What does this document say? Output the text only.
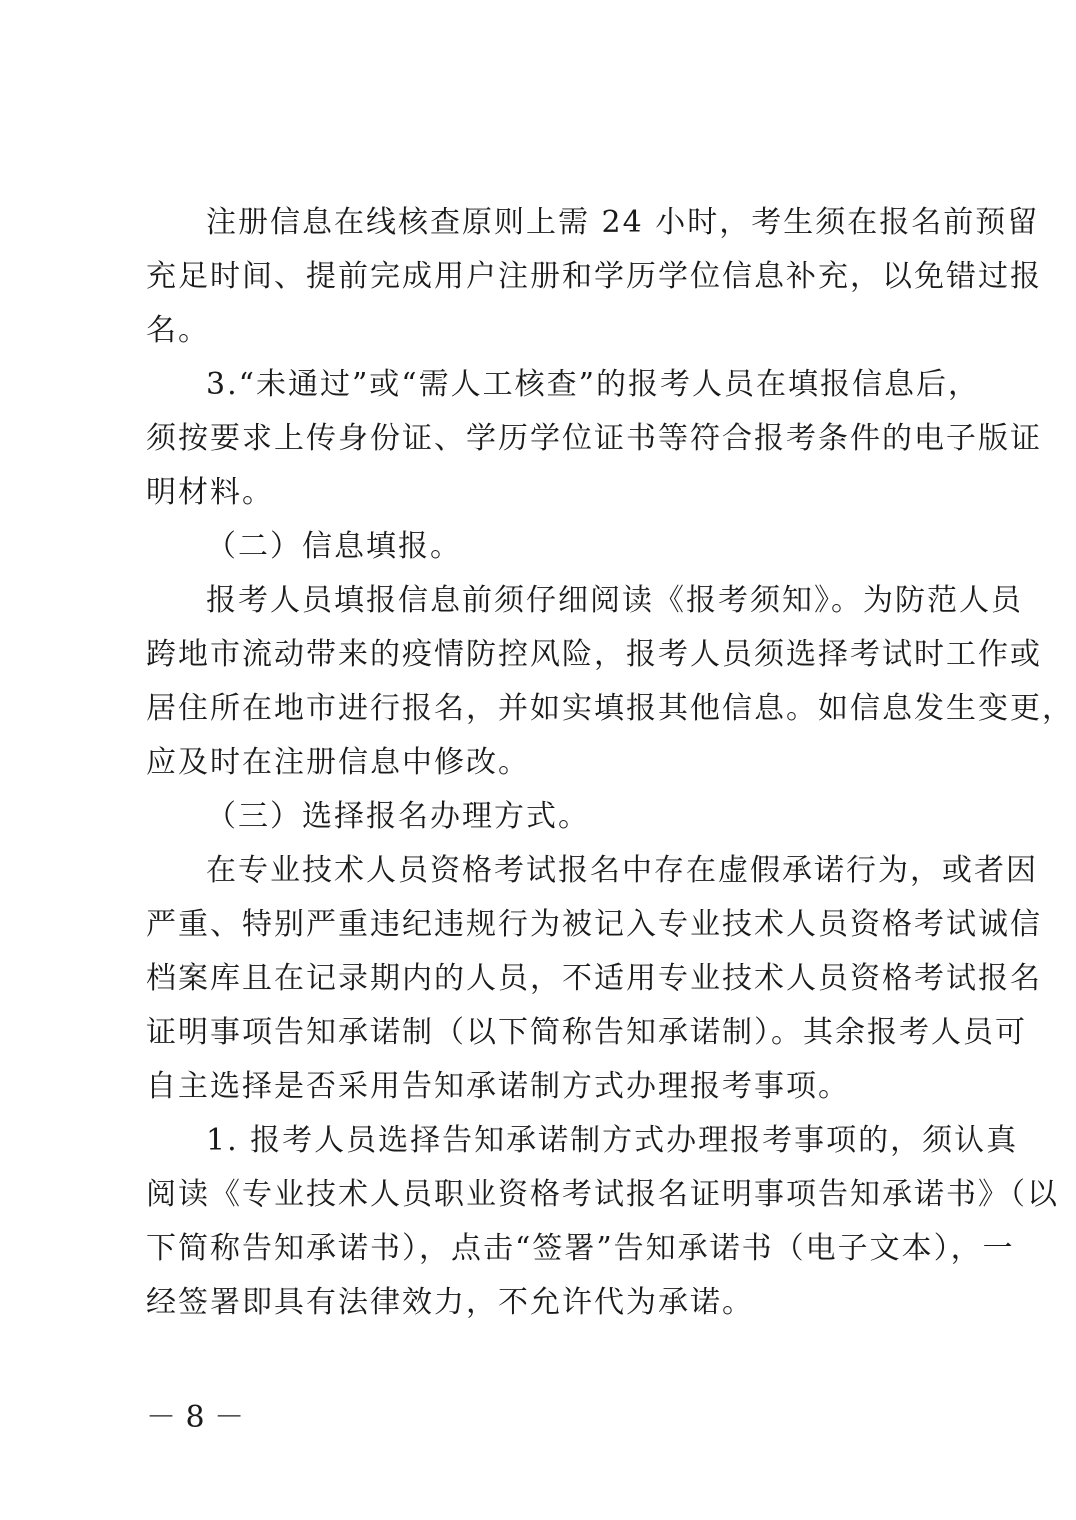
注册信息在线核查原则上需 24 小时，考生须在报名前预留
充足时间、提前完成用户注册和学历学位信息补充，以免错过报
名。
3.“未通过”或“需人工核查”的报考人员在填报信息后，
须按要求上传身份证、学历学位证书等符合报考条件的电子版证
明材料。
（二）信息填报。
报考人员填报信息前须仔细阅读《报考须知》。为防范人员
跨地市流动带来的疫情防控风险，报考人员须选择考试时工作或
居住所在地市进行报名，并如实填报其他信息。如信息发生变更，
应及时在注册信息中修改。
（三）选择报名办理方式。
在专业技术人员资格考试报名中存在虚假承诺行为，或者因
严重、特别严重违纪违规行为被记入专业技术人员资格考试诚信
档案库且在记录期内的人员，不适用专业技术人员资格考试报名
证明事项告知承诺制（以下简称告知承诺制）。其余报考人员可
自主选择是否采用告知承诺制方式办理报考事项。
1. 报考人员选择告知承诺制方式办理报考事项的，须认真
阅读《专业技术人员职业资格考试报名证明事项告知承诺书》（以
下简称告知承诺书），点击“签署”告知承诺书（电子文本），一
经签署即具有法律效力，不允许代为承诺。
－ 8 －
